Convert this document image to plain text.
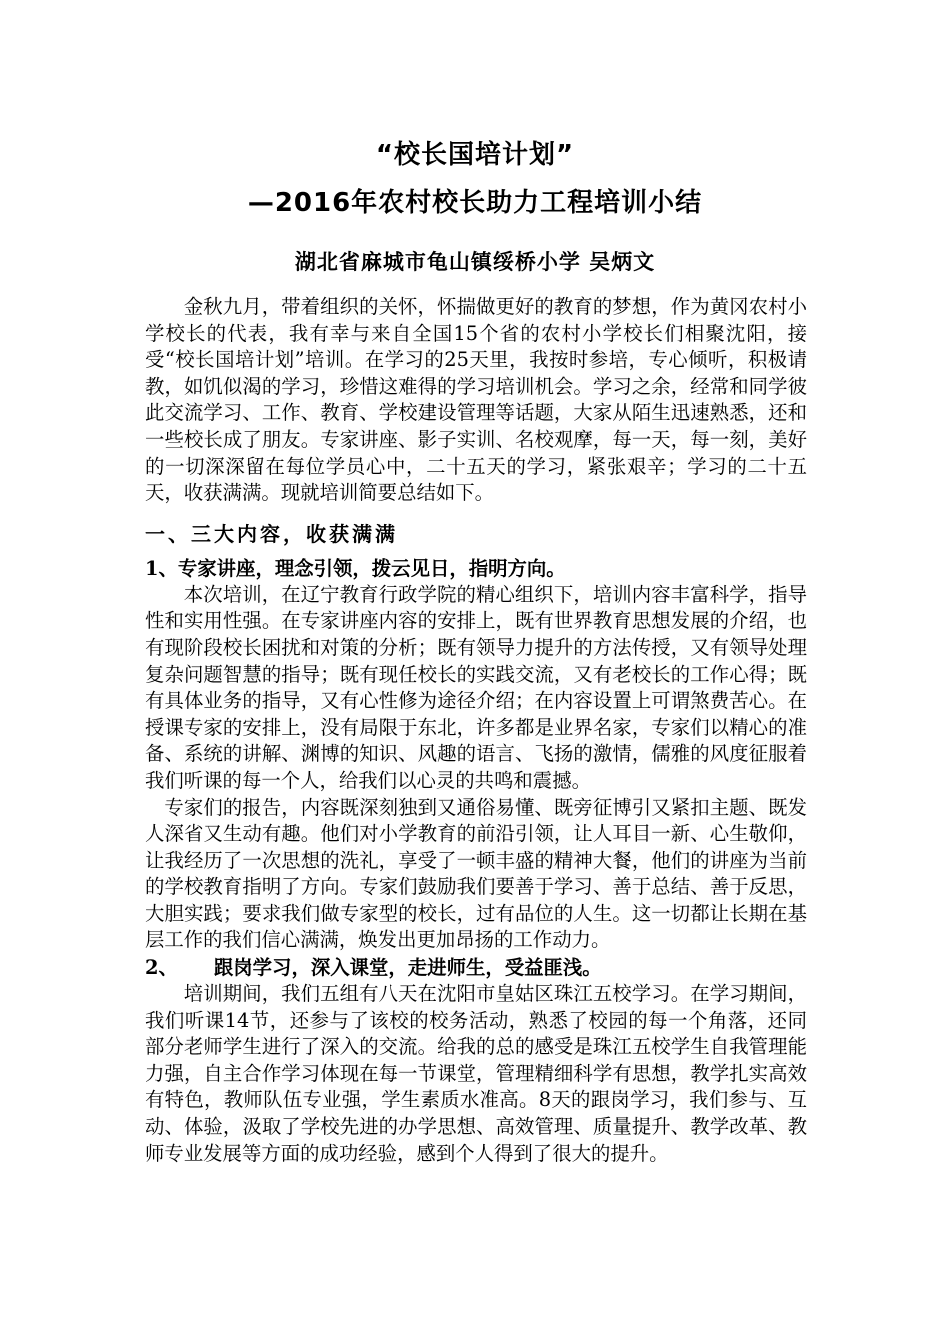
“校长国培计划”
—2016年农村校长助力工程培训小结
湖北省麻城市龟山镇绥桥小学 吴炳文

金秋九月，带着组织的关怀，怀揣做更好的教育的梦想，作为黄冈农村小学校长的代表，我有幸与来自全国15个省的农村小学校长们相聚沈阳，接受“校长国培计划”培训。在学习的25天里，我按时参培，专心倾听，积极请教，如饥似渴的学习，珍惜这难得的学习培训机会。学习之余，经常和同学彼此交流学习、工作、教育、学校建设管理等话题，大家从陌生迅速熟悉，还和一些校长成了朋友。专家讲座、影子实训、名校观摩，每一天，每一刻，美好的一切深深留在每位学员心中，二十五天的学习，紧张艰辛；学习的二十五天，收获满满。现就培训简要总结如下。

一、三大内容，收获满满
1、专家讲座，理念引领，拨云见日，指明方向。

本次培训，在辽宁教育行政学院的精心组织下，培训内容丰富科学，指导性和实用性强。在专家讲座内容的安排上，既有世界教育思想发展的介绍，也有现阶段校长困扰和对策的分析；既有领导力提升的方法传授，又有领导处理复杂问题智慧的指导；既有现任校长的实践交流，又有老校长的工作心得；既有具体业务的指导，又有心性修为途径介绍；在内容设置上可谓煞费苦心。在授课专家的安排上，没有局限于东北，许多都是业界名家，专家们以精心的准备、系统的讲解、渊博的知识、风趣的语言、飞扬的激情，儒雅的风度征服着我们听课的每一个人，给我们以心灵的共鸣和震撼。

专家们的报告，内容既深刻独到又通俗易懂、既旁征博引又紧扣主题、既发人深省又生动有趣。他们对小学教育的前沿引领，让人耳目一新、心生敬仰，让我经历了一次思想的洗礼，享受了一顿丰盛的精神大餐，他们的讲座为当前的学校教育指明了方向。专家们鼓励我们要善于学习、善于总结、善于反思，大胆实践；要求我们做专家型的校长，过有品位的人生。这一切都让长期在基层工作的我们信心满满，焕发出更加昂扬的工作动力。

2、 跟岗学习，深入课堂，走进师生，受益匪浅。

培训期间，我们五组有八天在沈阳市皇姑区珠江五校学习。在学习期间，我们听课14节，还参与了该校的校务活动，熟悉了校园的每一个角落，还同部分老师学生进行了深入的交流。给我的总的感受是珠江五校学生自我管理能力强，自主合作学习体现在每一节课堂，管理精细科学有思想，教学扎实高效有特色，教师队伍专业强，学生素质水准高。8天的跟岗学习，我们参与、互动、体验，汲取了学校先进的办学思想、高效管理、质量提升、教学改革、教师专业发展等方面的成功经验，感到个人得到了很大的提升。
